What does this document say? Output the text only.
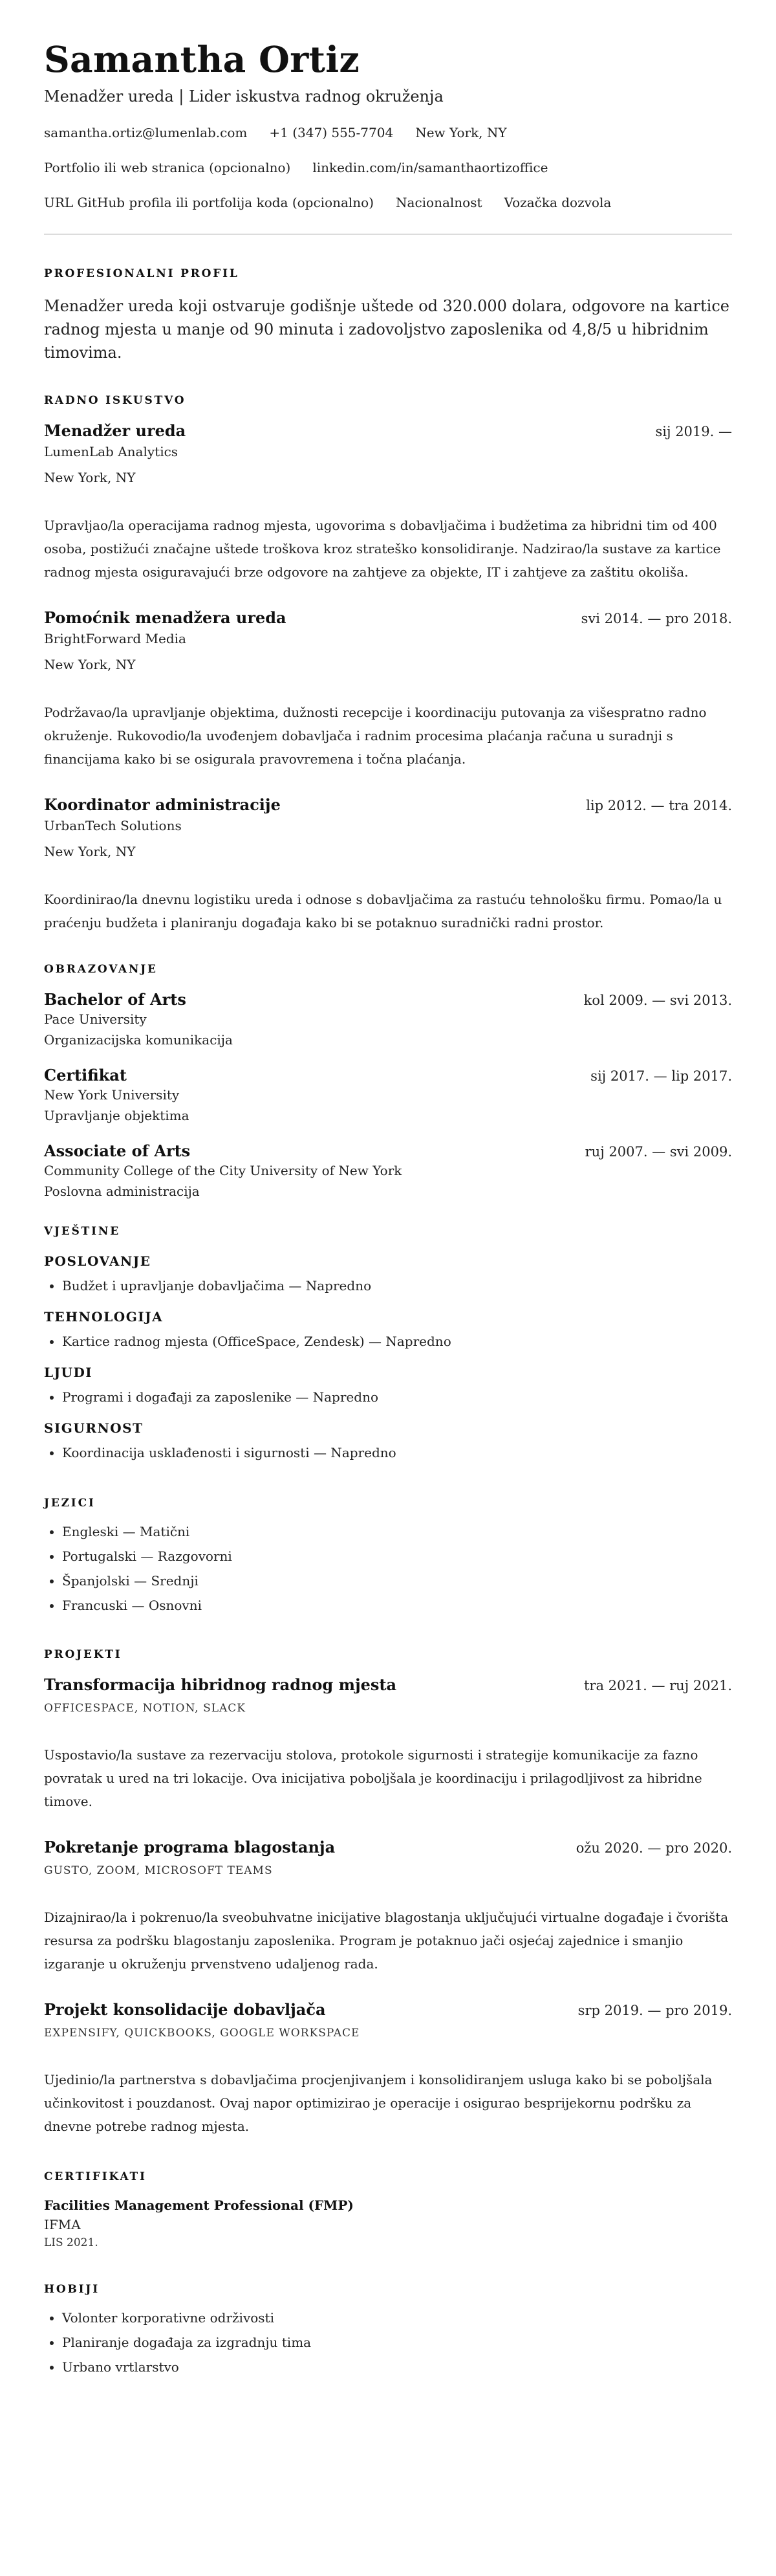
Samantha Ortiz
Menadžer ureda | Lider iskustva radnog okruženja
samantha.ortiz@lumenlab.com +1 (347) 555-7704 New York, NY
Portfolio ili web stranica (opcionalno) linkedin.com/in/samanthaortizoffice
URL GitHub profila ili portfolija koda (opcionalno) Nacionalnost Vozačka dozvola
PROFESIONALNI PROFIL
Menadžer ureda koji ostvaruje godišnje uštede od 320.000 dolara, odgovore na kartice radnog mjesta u manje od 90 minuta i zadovoljstvo zaposlenika od 4,8/5 u hibridnim timovima.
RADNO ISKUSTVO
Menadžer ureda	sij 2019. —
LumenLab Analytics
New York, NY
Upravljao/la operacijama radnog mjesta, ugovorima s dobavljačima i budžetima za hibridni tim od 400 osoba, postižući značajne uštede troškova kroz strateško konsolidiranje. Nadzirao/la sustave za kartice radnog mjesta osiguravajući brze odgovore na zahtjeve za objekte, IT i zahtjeve za zaštitu okoliša.
Pomoćnik menadžera ureda	svi 2014. — pro 2018.
BrightForward Media
New York, NY
Podržavao/la upravljanje objektima, dužnosti recepcije i koordinaciju putovanja za višespratno radno okruženje. Rukovodio/la uvođenjem dobavljača i radnim procesima plaćanja računa u suradnji s financijama kako bi se osigurala pravovremena i točna plaćanja.
Koordinator administracije	lip 2012. — tra 2014.
UrbanTech Solutions
New York, NY
Koordinirao/la dnevnu logistiku ureda i odnose s dobavljačima za rastuću tehnološku firmu. Pomao/la u praćenju budžeta i planiranju događaja kako bi se potaknuo suradnički radni prostor.
OBRAZOVANJE
Bachelor of Arts	kol 2009. — svi 2013.
Pace University
Organizacijska komunikacija
Certifikat	sij 2017. — lip 2017.
New York University
Upravljanje objektima
Associate of Arts	ruj 2007. — svi 2009.
Community College of the City University of New York
Poslovna administracija
VJEŠTINE
POSLOVANJE
• Budžet i upravljanje dobavljačima — Napredno
TEHNOLOGIJA
• Kartice radnog mjesta (OfficeSpace, Zendesk) — Napredno
LJUDI
• Programi i događaji za zaposlenike — Napredno
SIGURNOST
• Koordinacija usklađenosti i sigurnosti — Napredno
JEZICI
• Engleski — Matični
• Portugalski — Razgovorni
• Španjolski — Srednji
• Francuski — Osnovni
PROJEKTI
Transformacija hibridnog radnog mjesta	tra 2021. — ruj 2021.
OFFICESPACE, NOTION, SLACK
Uspostavio/la sustave za rezervaciju stolova, protokole sigurnosti i strategije komunikacije za fazno povratak u ured na tri lokacije. Ova inicijativa poboljšala je koordinaciju i prilagodljivost za hibridne timove.
Pokretanje programa blagostanja	ožu 2020. — pro 2020.
GUSTO, ZOOM, MICROSOFT TEAMS
Dizajnirao/la i pokrenuo/la sveobuhvatne inicijative blagostanja uključujući virtualne događaje i čvorišta resursa za podršku blagostanju zaposlenika. Program je potaknuo jači osjećaj zajednice i smanjio izgaranje u okruženju prvenstveno udaljenog rada.
Projekt konsolidacije dobavljača	srp 2019. — pro 2019.
EXPENSIFY, QUICKBOOKS, GOOGLE WORKSPACE
Ujedinio/la partnerstva s dobavljačima procjenjivanjem i konsolidiranjem usluga kako bi se poboljšala učinkovitost i pouzdanost. Ovaj napor optimizirao je operacije i osigurao besprijekornu podršku za dnevne potrebe radnog mjesta.
CERTIFIKATI
Facilities Management Professional (FMP)
IFMA
LIS 2021.
HOBIJI
• Volonter korporativne održivosti
• Planiranje događaja za izgradnju tima
• Urbano vrtlarstvo
